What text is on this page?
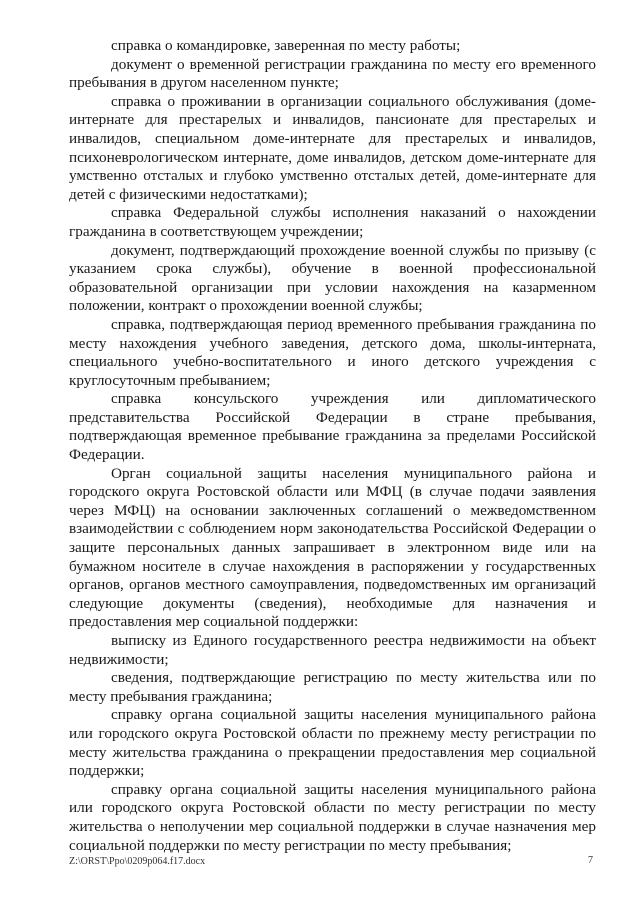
справка о командировке, заверенная по месту работы;

документ о временной регистрации гражданина по месту его временного пребывания в другом населенном пункте;

справка о проживании в организации социального обслуживания (доме-интернате для престарелых и инвалидов, пансионате для престарелых и инвалидов, специальном доме-интернате для престарелых и инвалидов, психоневрологическом интернате, доме инвалидов, детском доме-интернате для умственно отсталых и глубоко умственно отсталых детей, доме-интернате для детей с физическими недостатками);

справка Федеральной службы исполнения наказаний о нахождении гражданина в соответствующем учреждении;

документ, подтверждающий прохождение военной службы по призыву (с указанием срока службы), обучение в военной профессиональной образовательной организации при условии нахождения на казарменном положении, контракт о прохождении военной службы;

справка, подтверждающая период временного пребывания гражданина по месту нахождения учебного заведения, детского дома, школы-интерната, специального учебно-воспитательного и иного детского учреждения с круглосуточным пребыванием;

справка консульского учреждения или дипломатического представительства Российской Федерации в стране пребывания, подтверждающая временное пребывание гражданина за пределами Российской Федерации.

Орган социальной защиты населения муниципального района и городского округа Ростовской области или МФЦ (в случае подачи заявления через МФЦ) на основании заключенных соглашений о межведомственном взаимодействии с соблюдением норм законодательства Российской Федерации о защите персональных данных запрашивает в электронном виде или на бумажном носителе в случае нахождения в распоряжении у государственных органов, органов местного самоуправления, подведомственных им организаций следующие документы (сведения), необходимые для назначения и предоставления мер социальной поддержки:

выписку из Единого государственного реестра недвижимости на объект недвижимости;

сведения, подтверждающие регистрацию по месту жительства или по месту пребывания гражданина;

справку органа социальной защиты населения муниципального района или городского округа Ростовской области по прежнему месту регистрации по месту жительства гражданина о прекращении предоставления мер социальной поддержки;

справку органа социальной защиты населения муниципального района или городского округа Ростовской области по месту регистрации по месту жительства о неполучении мер социальной поддержки в случае назначения мер социальной поддержки по месту регистрации по месту пребывания;

Z:\ORST\Ppo\0209p064.f17.docx	7
